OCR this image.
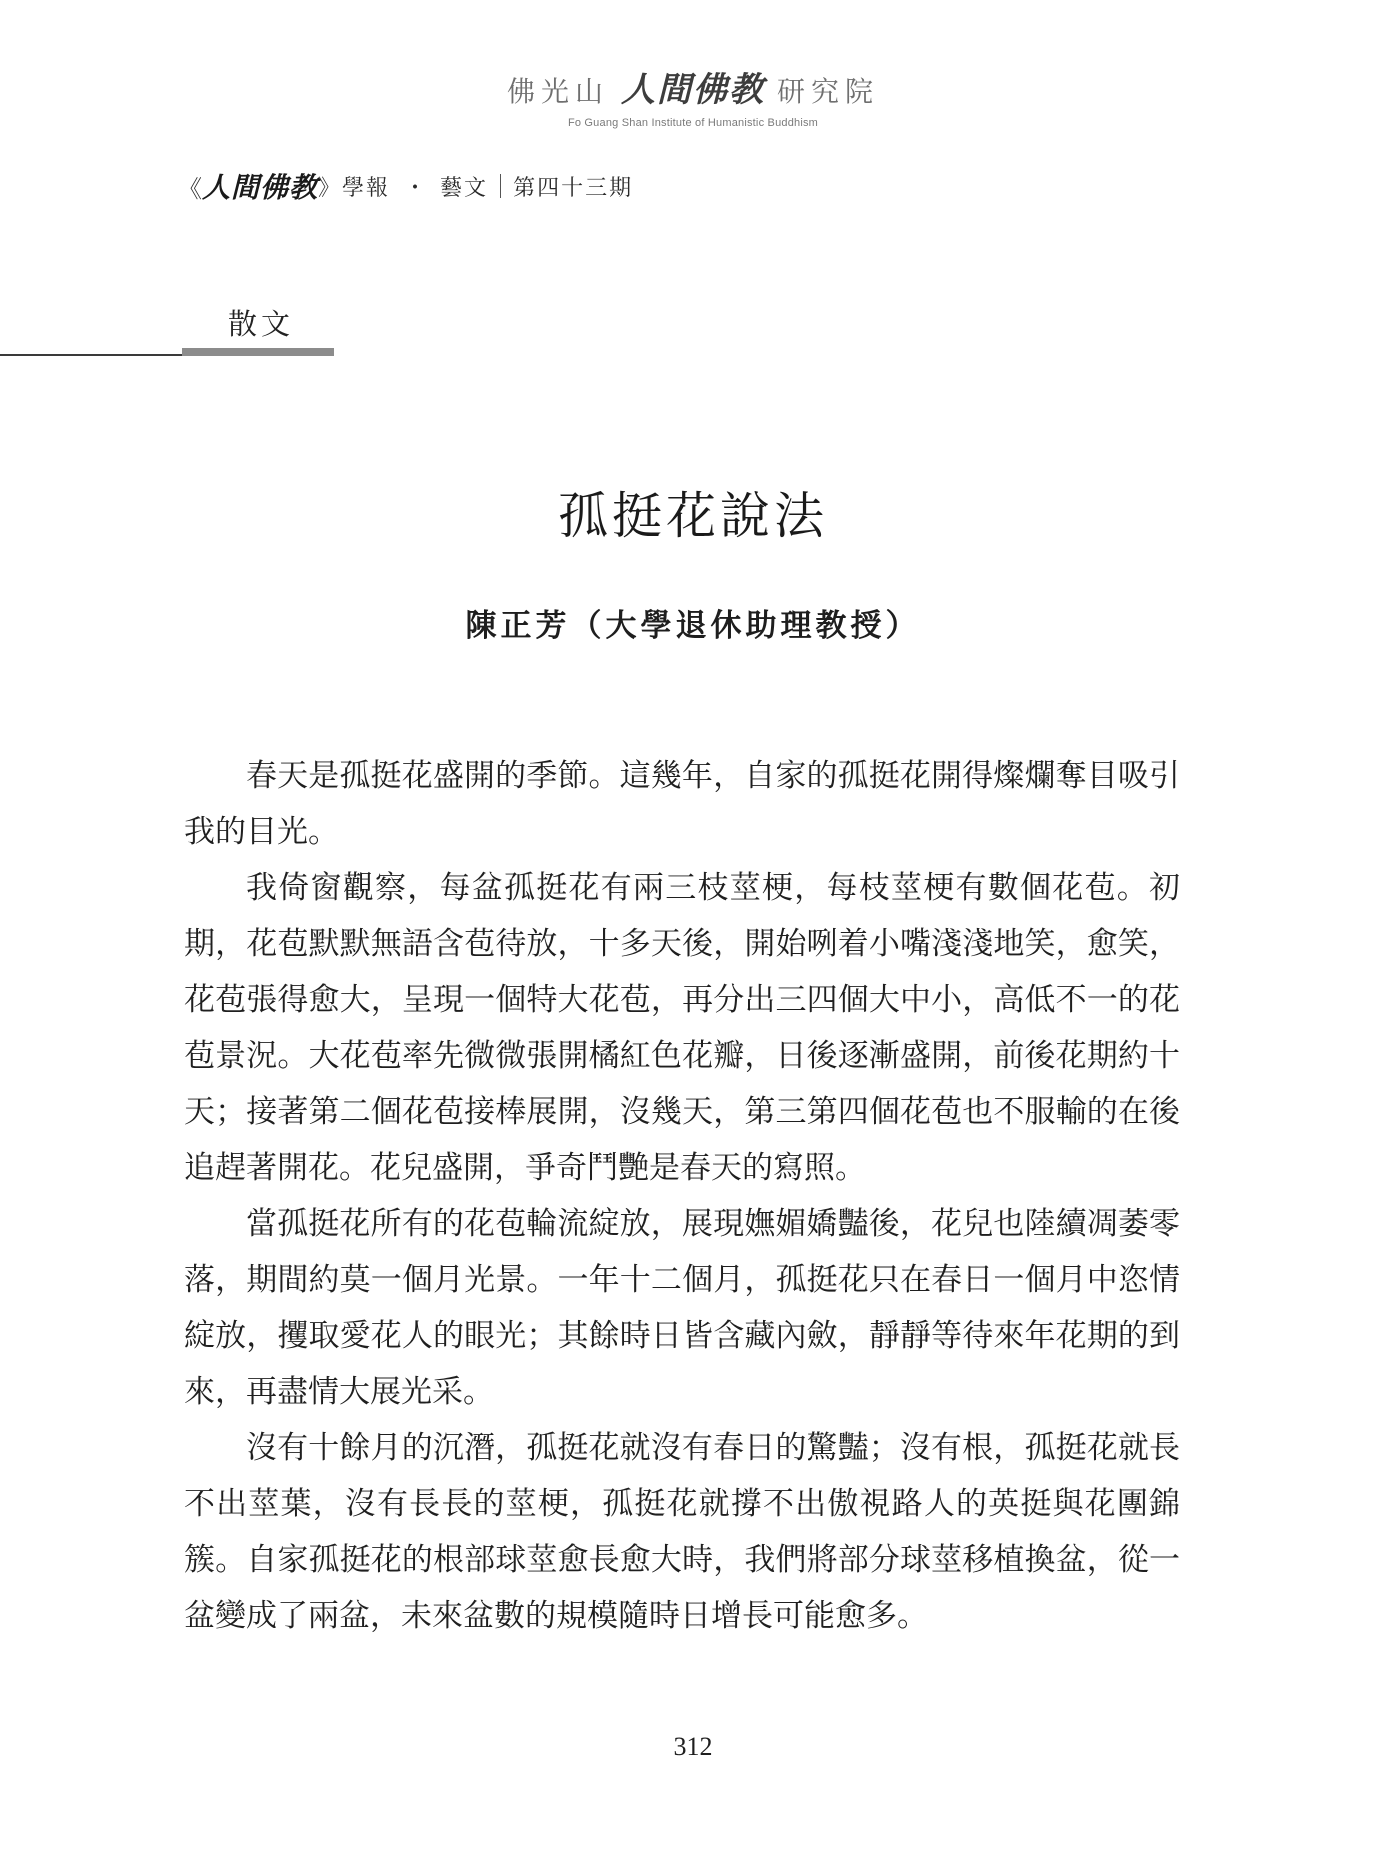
佛光山 人間佛教 研究院
Fo Guang Shan Institute of Humanistic Buddhism
《 人間佛教 》學報 ・ 藝文 第四十三期
散文
孤挺花說法
陳正芳（大學退休助理教授）

春天是孤挺花盛開的季節。這幾年，自家的孤挺花開得燦爛奪目吸引我的目光。

我倚窗觀察，每盆孤挺花有兩三枝莖梗，每枝莖梗有數個花苞。初期，花苞默默無語含苞待放，十多天後，開始咧着小嘴淺淺地笑，愈笑，花苞張得愈大，呈現一個特大花苞，再分出三四個大中小，高低不一的花苞景況。大花苞率先微微張開橘紅色花瓣，日後逐漸盛開，前後花期約十天；接著第二個花苞接棒展開，沒幾天，第三第四個花苞也不服輸的在後追趕著開花。花兒盛開，爭奇鬥艷是春天的寫照。

當孤挺花所有的花苞輪流綻放，展現嫵媚嬌豔後，花兒也陸續凋萎零落，期間約莫一個月光景。一年十二個月，孤挺花只在春日一個月中恣情綻放，攫取愛花人的眼光；其餘時日皆含藏內斂，靜靜等待來年花期的到來，再盡情大展光采。

沒有十餘月的沉潛，孤挺花就沒有春日的驚豔；沒有根，孤挺花就長不出莖葉，沒有長長的莖梗，孤挺花就撐不出傲視路人的英挺與花團錦簇。自家孤挺花的根部球莖愈長愈大時，我們將部分球莖移植換盆，從一盆變成了兩盆，未來盆數的規模隨時日增長可能愈多。

312
